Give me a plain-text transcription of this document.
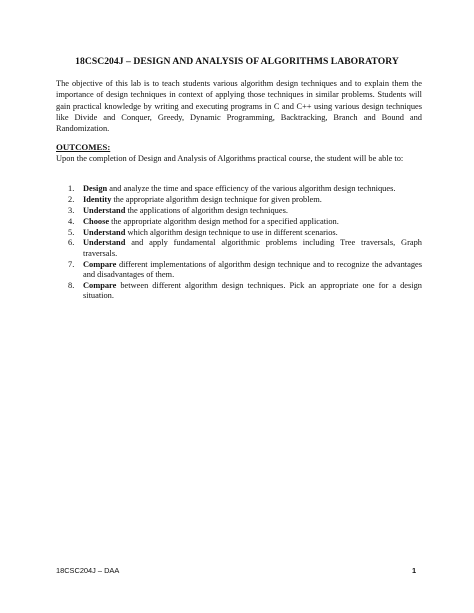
18CSC204J – DESIGN AND ANALYSIS OF ALGORITHMS LABORATORY

The objective of this lab is to teach students various algorithm design techniques and to explain them the importance of design techniques in context of applying those techniques in similar problems. Students will gain practical knowledge by writing and executing programs in C and C++ using various design techniques like Divide and Conquer, Greedy, Dynamic Programming, Backtracking, Branch and Bound and Randomization.

OUTCOMES:

Upon the completion of Design and Analysis of Algorithms practical course, the student will be able to:

1. Design and analyze the time and space efficiency of the various algorithm design techniques.
2. Identity the appropriate algorithm design technique for given problem.
3. Understand the applications of algorithm design techniques.
4. Choose the appropriate algorithm design method for a specified application.
5. Understand which algorithm design technique to use in different scenarios.
6. Understand and apply fundamental algorithmic problems including Tree traversals, Graph traversals.
7. Compare different implementations of algorithm design technique and to recognize the advantages and disadvantages of them.
8. Compare between different algorithm design techniques. Pick an appropriate one for a design situation.
18CSC204J – DAA	1
